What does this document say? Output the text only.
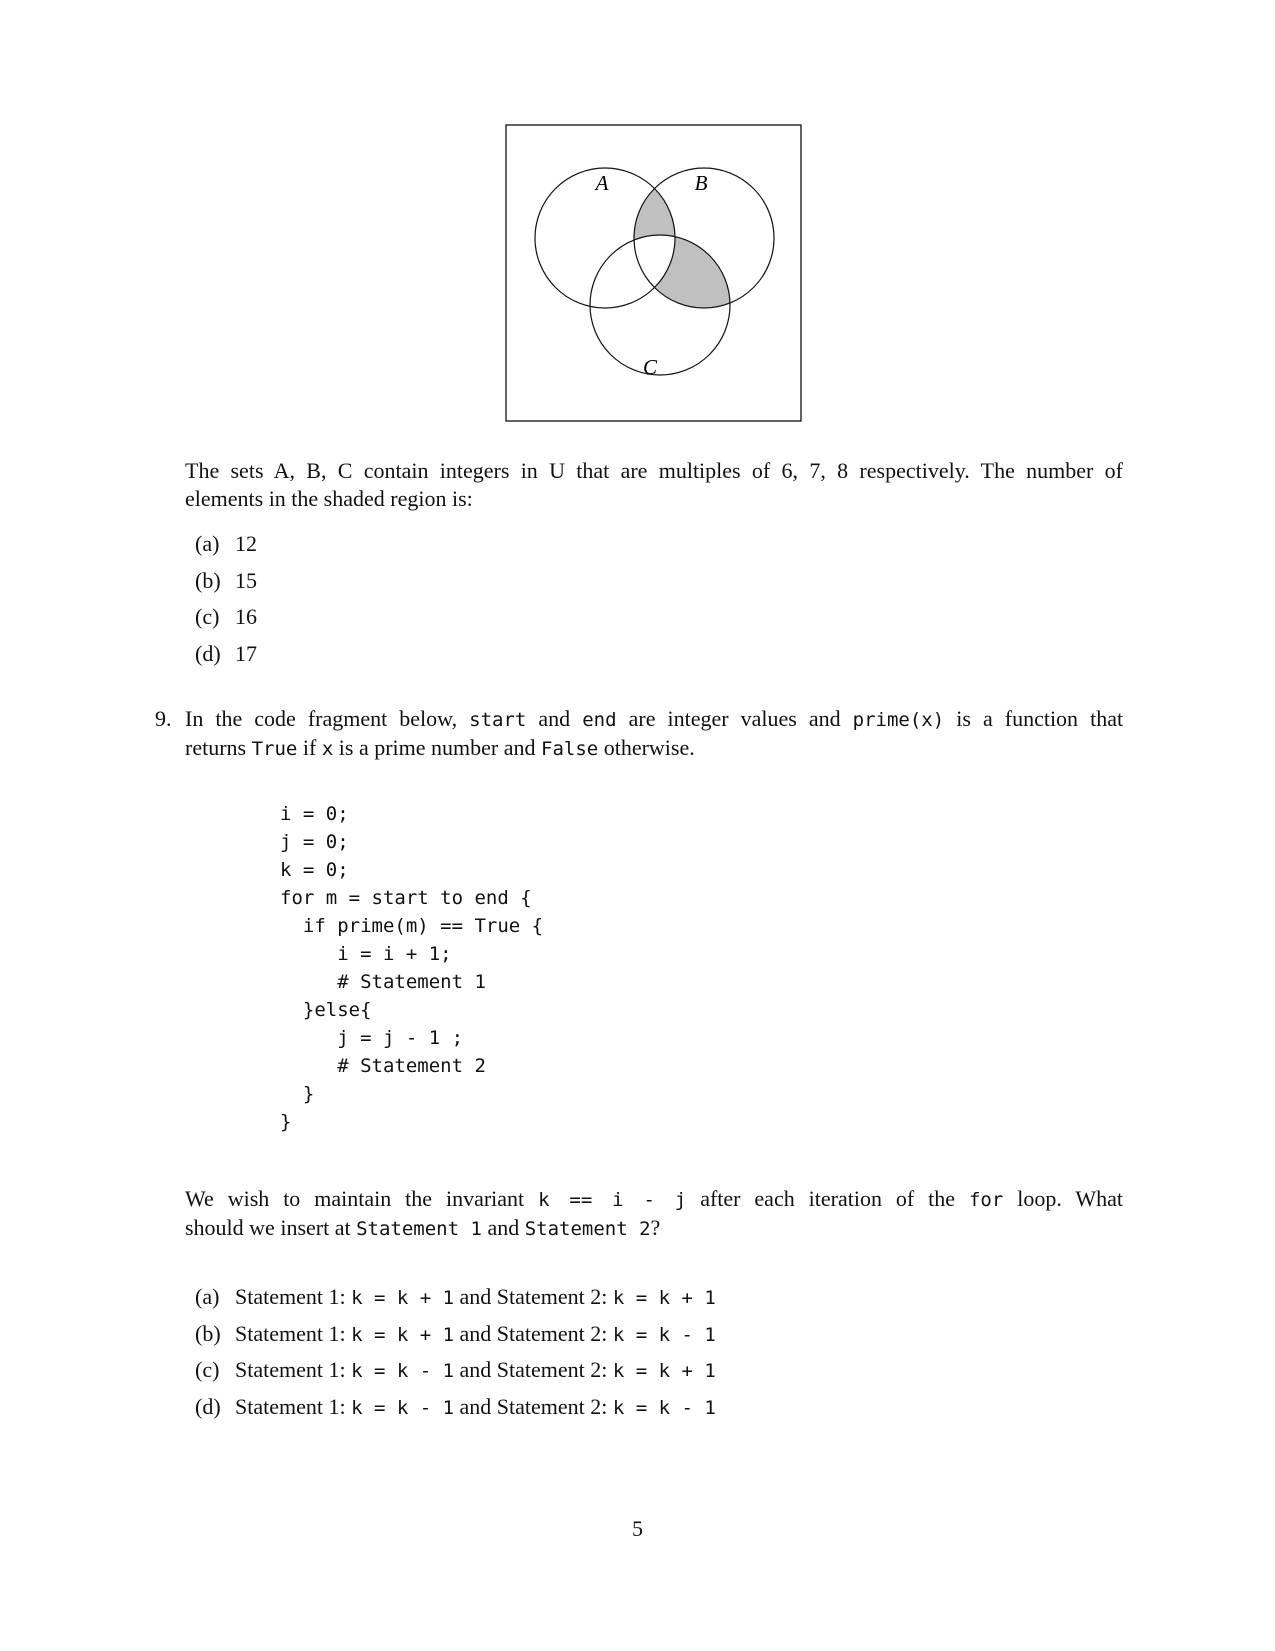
A	B
C
The sets A, B, C contain integers in U that are multiples of 6, 7, 8 respectively. The number of
elements in the shaded region is:
(a) 12
(b) 15
(c) 16
(d) 17
9. In the code fragment below, start and end are integer values and prime(x) is a function that
returns True if x is a prime number and False otherwise.
i = 0;
j = 0;
k = 0;
for m = start to end {
if prime(m) == True {
i = i + 1;
# Statement 1
}else{
j = j - 1 ;
# Statement 2
}
}
We wish to maintain the invariant k == i - j after each iteration of the for loop. What
should we insert at Statement 1 and Statement 2?
(a) Statement 1: k = k + 1 and Statement 2: k = k + 1
(b) Statement 1: k = k + 1 and Statement 2: k = k - 1
(c) Statement 1: k = k - 1 and Statement 2: k = k + 1
(d) Statement 1: k = k - 1 and Statement 2: k = k - 1
5
